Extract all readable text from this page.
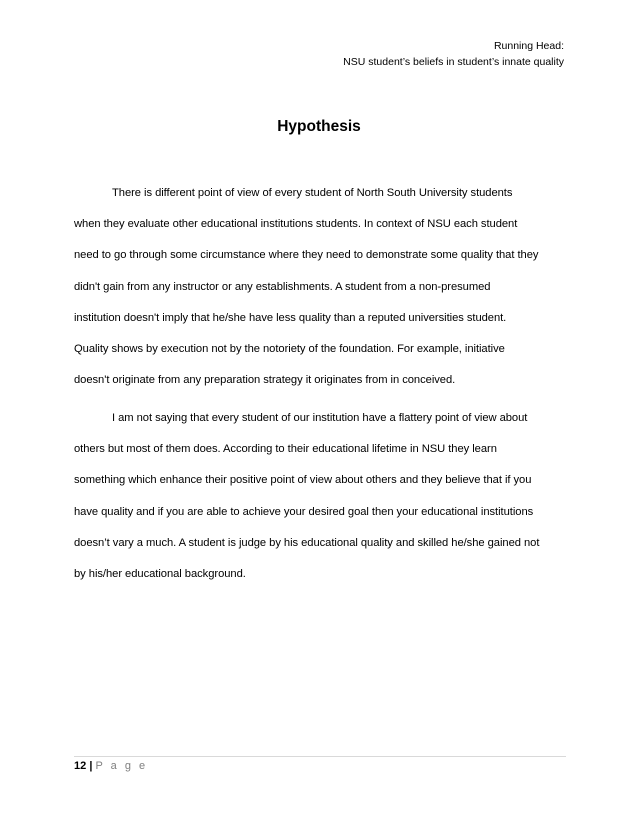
Running Head:
NSU student’s beliefs in student’s innate quality
Hypothesis
There is different point of view of every student of North South University students
when they evaluate other educational institutions students. In context of NSU each student
need to go through some circumstance where they need to demonstrate some quality that they
didn't gain from any instructor or any establishments. A student from a non-presumed
institution doesn't imply that he/she have less quality than a reputed universities student.
Quality shows by execution not by the notoriety of the foundation. For example, initiative
doesn't originate from any preparation strategy it originates from in conceived.
I am not saying that every student of our institution have a flattery point of view about
others but most of them does. According to their educational lifetime in NSU they learn
something which enhance their positive point of view about others and they believe that if you
have quality and if you are able to achieve your desired goal then your educational institutions
doesn’t vary a much. A student is judge by his educational quality and skilled he/she gained not
by his/her educational background.
12 | P a g e
